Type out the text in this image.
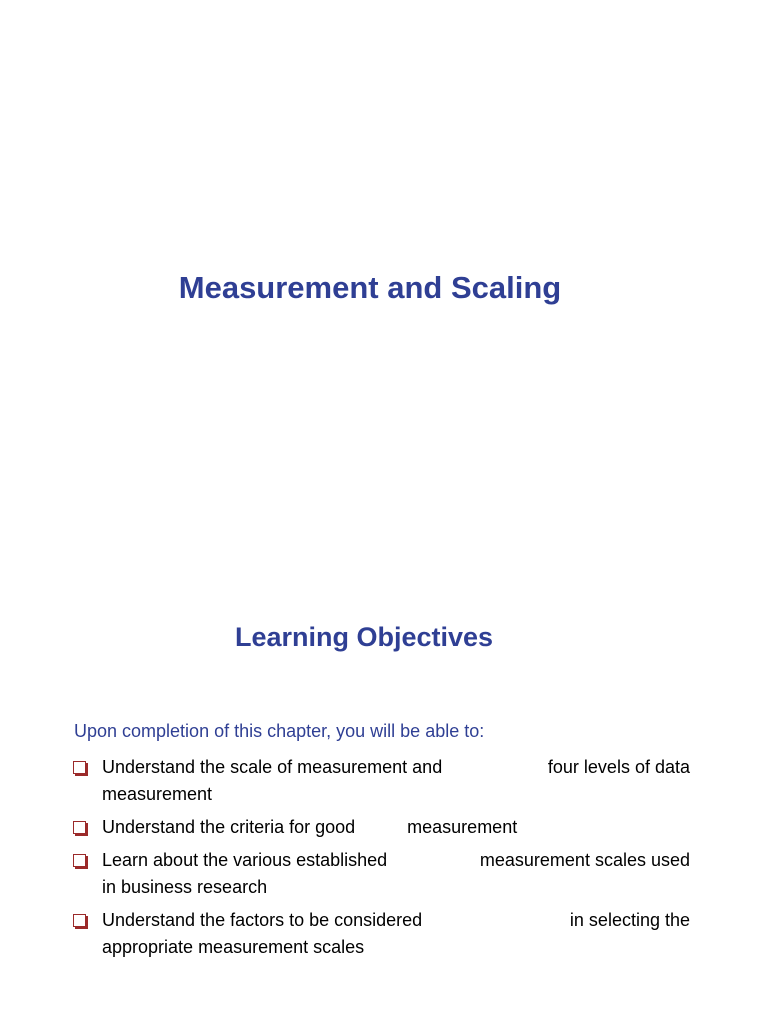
Measurement and Scaling
Learning Objectives

Upon completion of this chapter, you will be able to:

Understand the scale of measurement and	four levels of data
measurement
Understand the criteria for good	measurement
Learn about the various established	measurement scales used
in business research
Understand the factors to be considered	in selecting the
appropriate measurement scales
